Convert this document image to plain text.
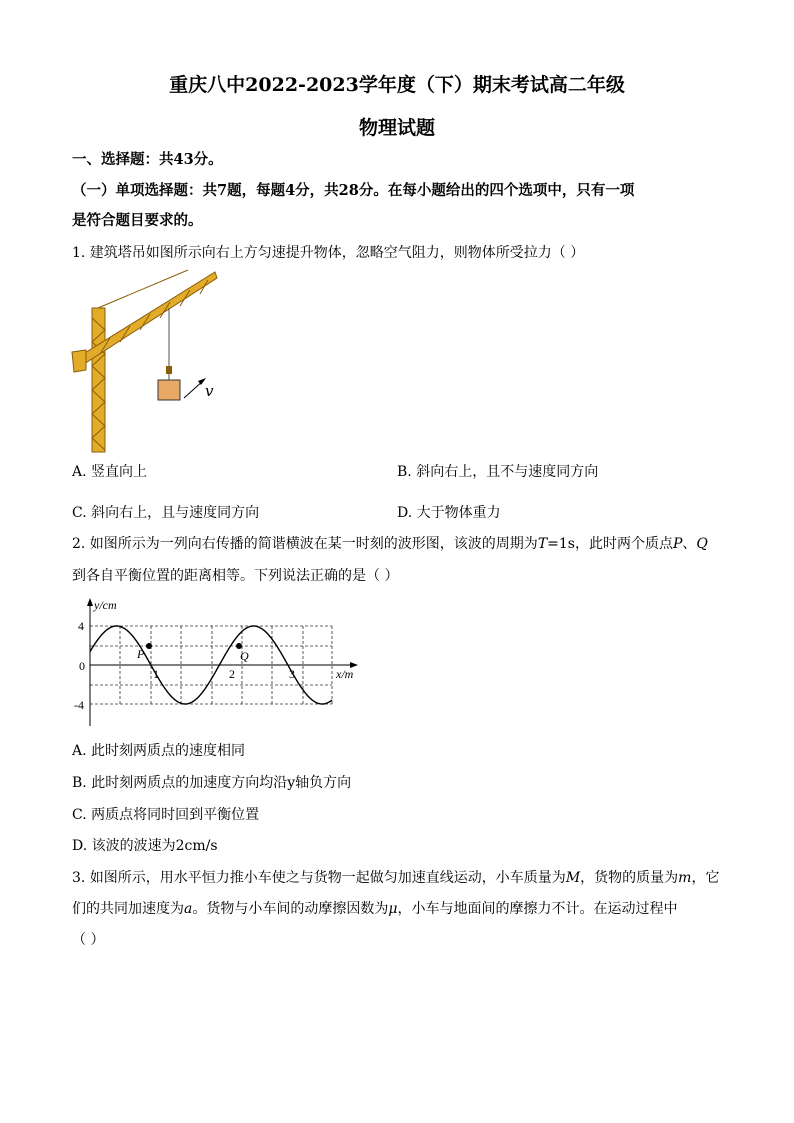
重庆八中2022-2023学年度（下）期末考试高二年级
物理试题
一、选择题：共43分。
（一）单项选择题：共7题，每题4分，共28分。在每小题给出的四个选项中，只有一项
是符合题目要求的。
1. 建筑塔吊如图所示向右上方匀速提升物体，忽略空气阻力，则物体所受拉力（ ）
v
A. 竖直向上	B. 斜向右上，且不与速度同方向
C. 斜向右上，且与速度同方向	D. 大于物体重力
2. 如图所示为一列向右传播的简谐横波在某一时刻的波形图，该波的周期为T=1s，此时两个质点P、Q
到各自平衡位置的距离相等。下列说法正确的是（ ）
y/cm
x/m
4
0
-4
1	2	3
P	Q
A. 此时刻两质点的速度相同
B. 此时刻两质点的加速度方向均沿y轴负方向
C. 两质点将同时回到平衡位置
D. 该波的波速为2cm/s
3. 如图所示，用水平恒力推小车使之与货物一起做匀加速直线运动，小车质量为M，货物的质量为m，它
们的共同加速度为a。货物与小车间的动摩擦因数为μ，小车与地面间的摩擦力不计。在运动过程中
（ ）
